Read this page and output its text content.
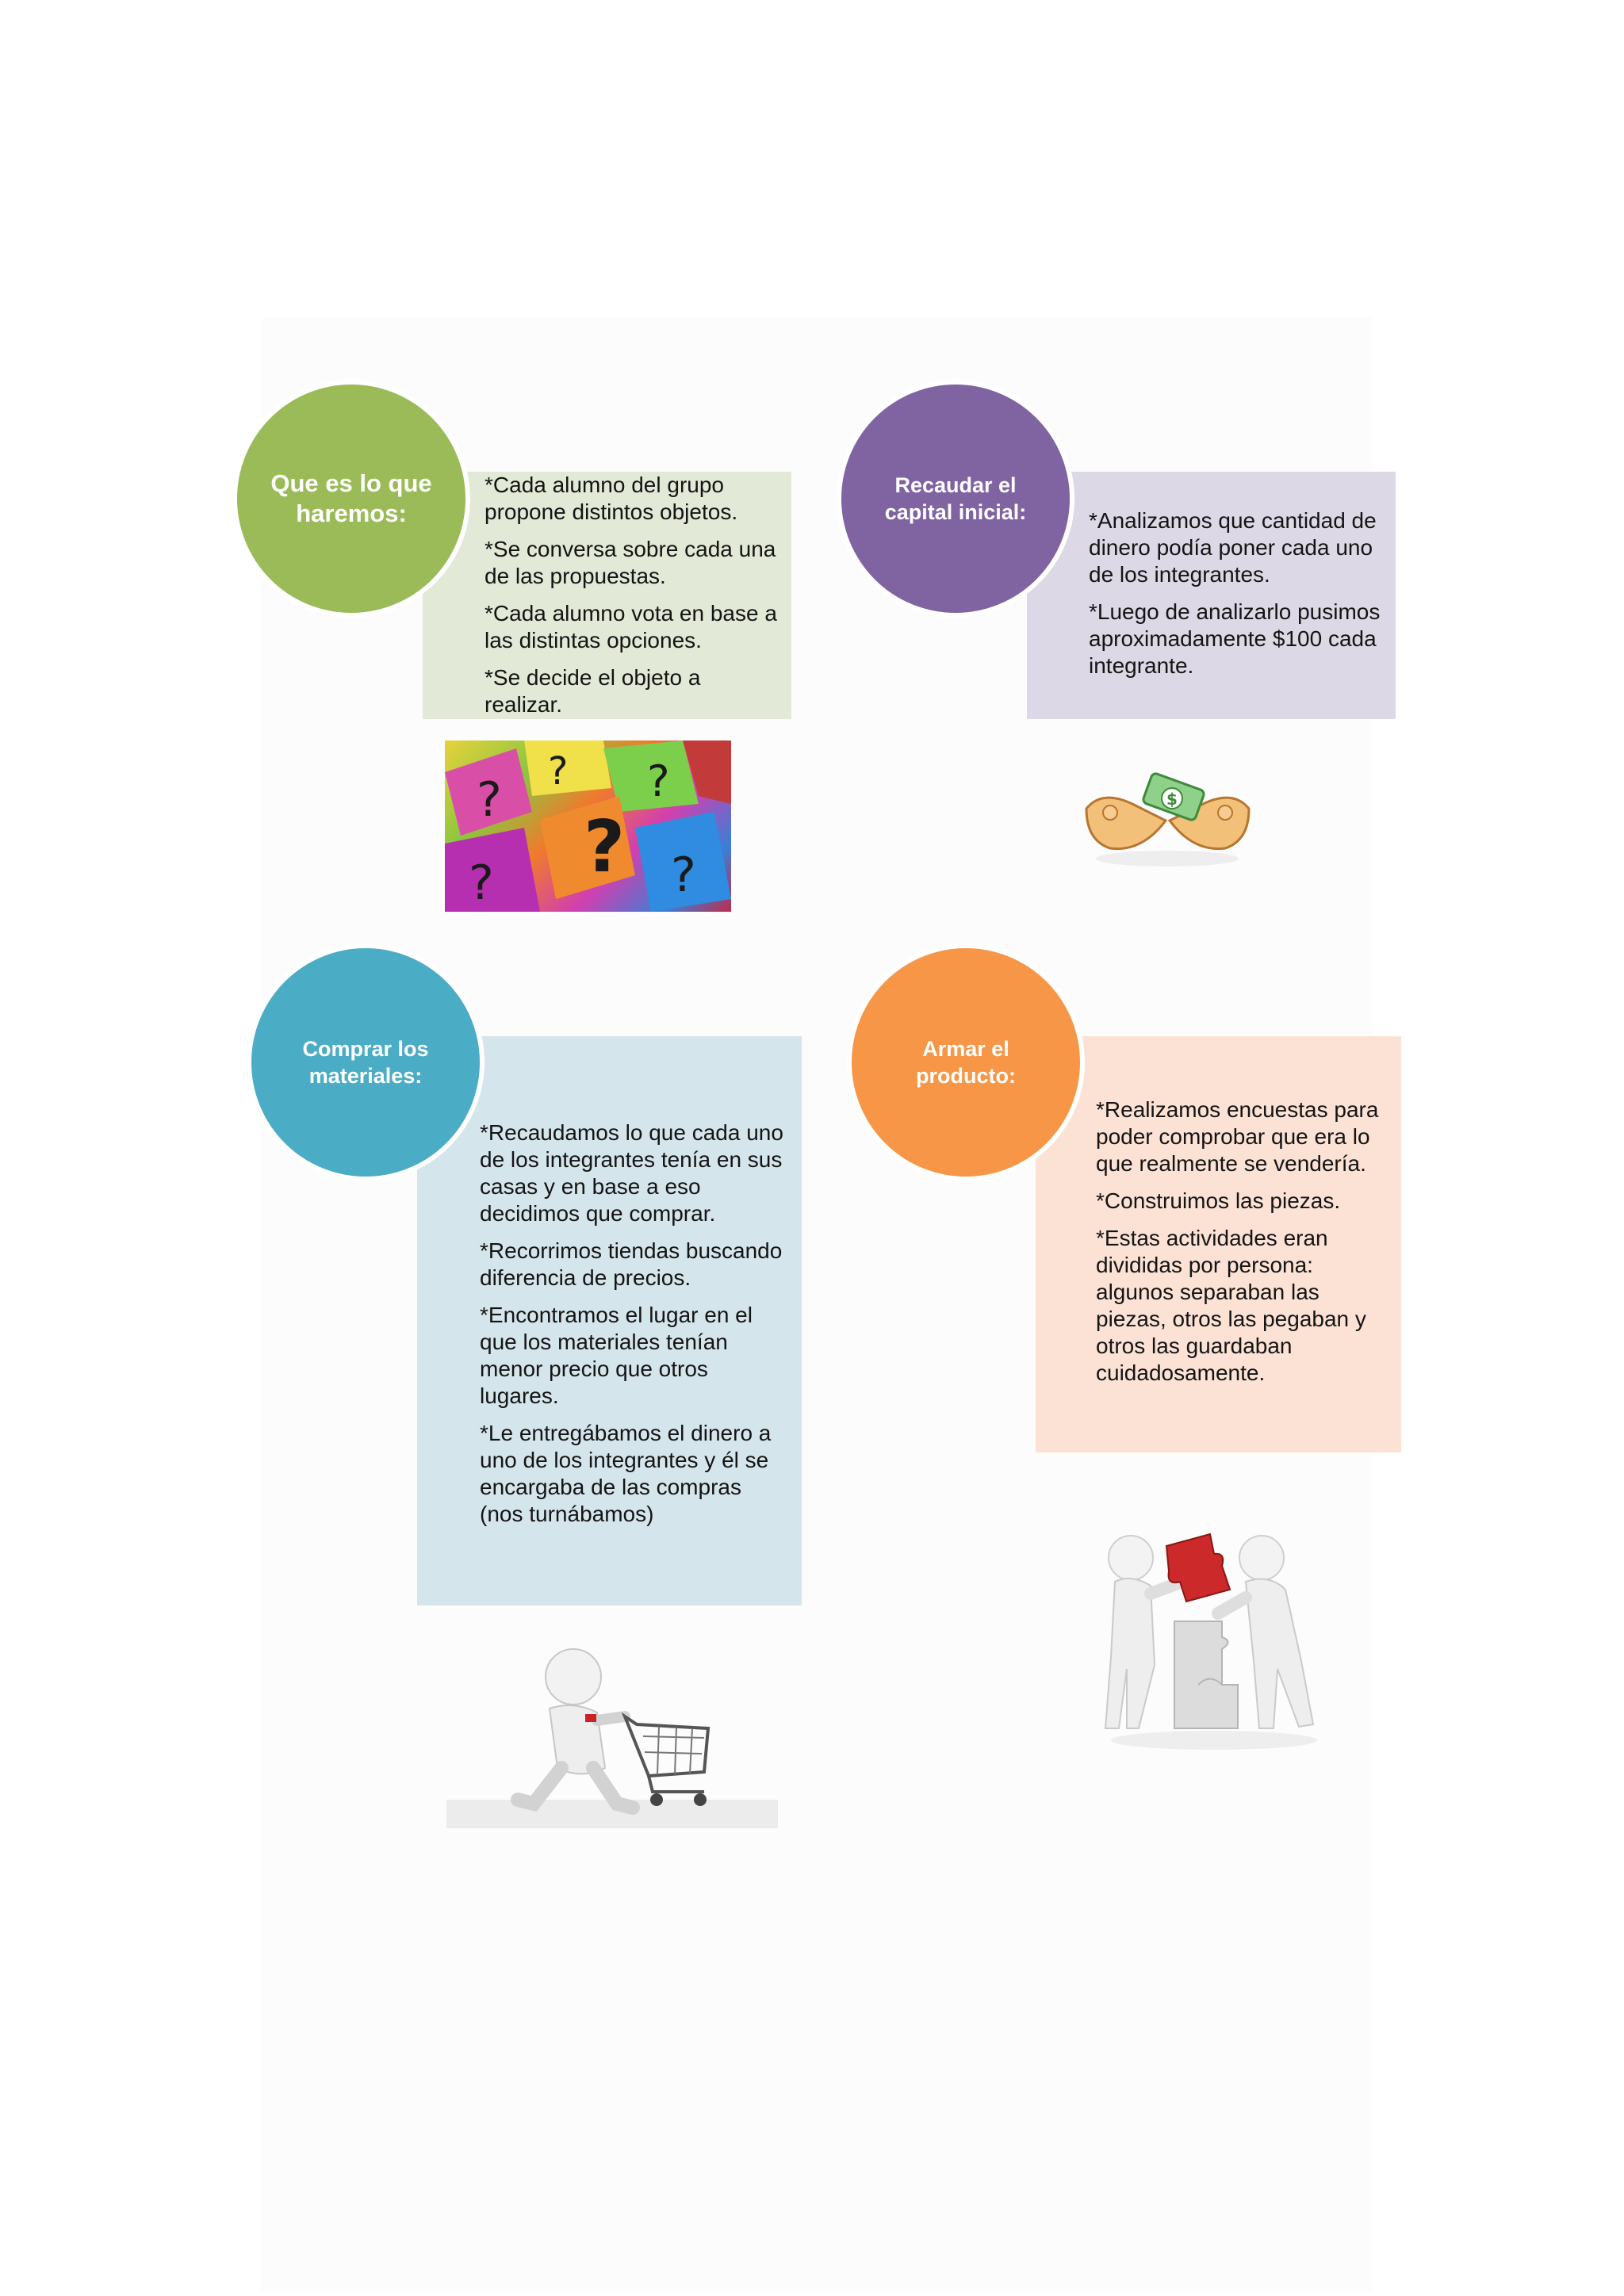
*Cada alumno del grupo propone distintos objetos.

*Se conversa sobre cada una de las propuestas.

*Cada alumno vota en base a las distintas opciones.

*Se decide el objeto a realizar.

Que es lo que haremos:
?
?
? ?
?	?

*Analizamos que cantidad de dinero podía poner cada uno de los integrantes.

*Luego de analizarlo pusimos aproximadamente $100 cada integrante.

Recaudar el capital inicial:
$

*Recaudamos lo que cada uno de los integrantes tenía en sus casas y en base a eso decidimos que comprar.

*Recorrimos tiendas buscando diferencia de precios.

*Encontramos el lugar en el que los materiales tenían menor precio que otros lugares.

*Le entregábamos el dinero a uno de los integrantes y él se encargaba de las compras (nos turnábamos)

Comprar los materiales:

*Realizamos encuestas para poder comprobar que era lo que realmente se vendería.

*Construimos las piezas.

*Estas actividades eran divididas por persona: algunos separaban las piezas, otros las pegaban y otros las guardaban cuidadosamente.

Armar el producto:
